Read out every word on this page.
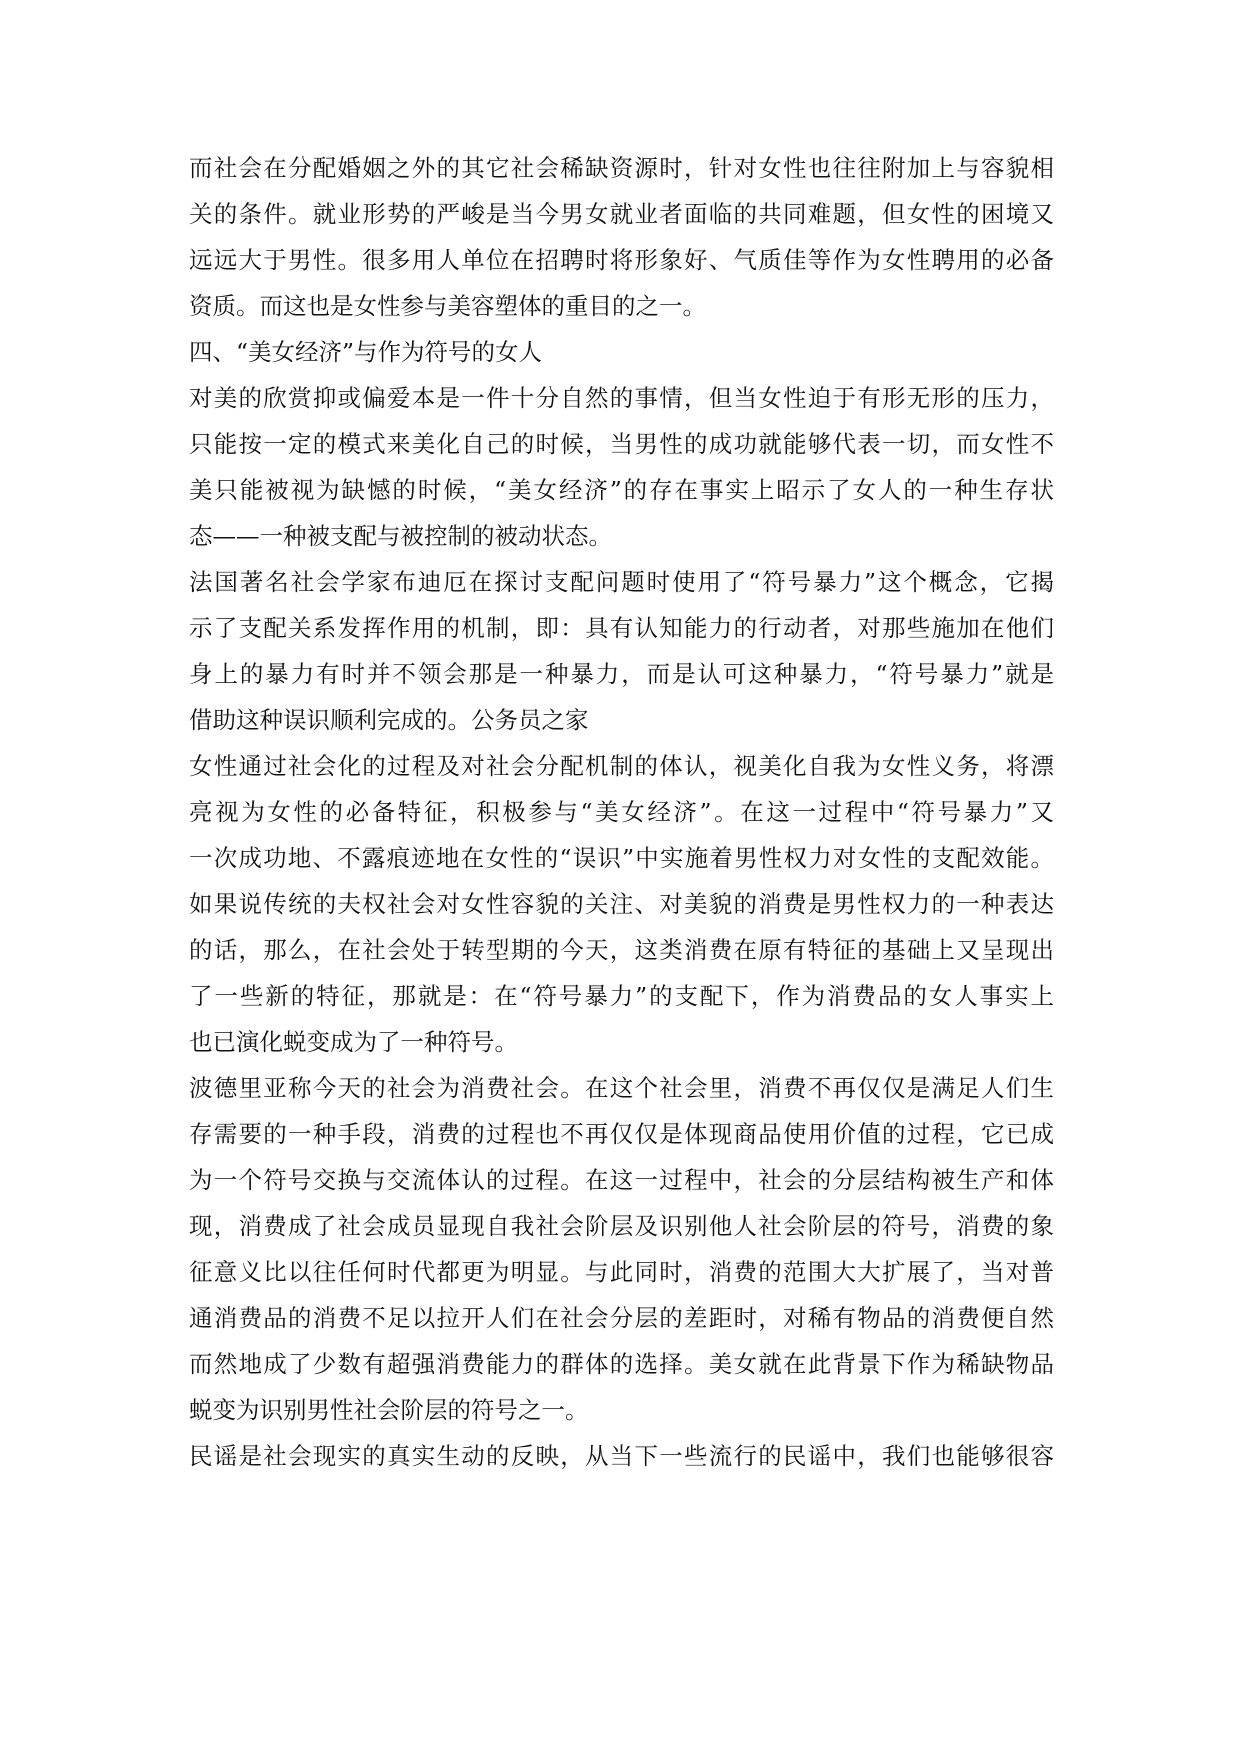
而社会在分配婚姻之外的其它社会稀缺资源时，针对女性也往往附加上与容貌相
关的条件。就业形势的严峻是当今男女就业者面临的共同难题，但女性的困境又
远远大于男性。很多用人单位在招聘时将形象好、气质佳等作为女性聘用的必备
资质。而这也是女性参与美容塑体的重目的之一。
四、“美女经济”与作为符号的女人
对美的欣赏抑或偏爱本是一件十分自然的事情，但当女性迫于有形无形的压力，
只能按一定的模式来美化自己的时候，当男性的成功就能够代表一切，而女性不
美只能被视为缺憾的时候，“美女经济”的存在事实上昭示了女人的一种生存状
态——一种被支配与被控制的被动状态。
法国著名社会学家布迪厄在探讨支配问题时使用了“符号暴力”这个概念，它揭
示了支配关系发挥作用的机制，即：具有认知能力的行动者，对那些施加在他们
身上的暴力有时并不领会那是一种暴力，而是认可这种暴力，“符号暴力”就是
借助这种误识顺利完成的。公务员之家
女性通过社会化的过程及对社会分配机制的体认，视美化自我为女性义务，将漂
亮视为女性的必备特征，积极参与“美女经济”。在这一过程中“符号暴力”又
一次成功地、不露痕迹地在女性的“误识”中实施着男性权力对女性的支配效能。
如果说传统的夫权社会对女性容貌的关注、对美貌的消费是男性权力的一种表达
的话，那么，在社会处于转型期的今天，这类消费在原有特征的基础上又呈现出
了一些新的特征，那就是：在“符号暴力”的支配下，作为消费品的女人事实上
也已演化蜕变成为了一种符号。
波德里亚称今天的社会为消费社会。在这个社会里，消费不再仅仅是满足人们生
存需要的一种手段，消费的过程也不再仅仅是体现商品使用价值的过程，它已成
为一个符号交换与交流体认的过程。在这一过程中，社会的分层结构被生产和体
现，消费成了社会成员显现自我社会阶层及识别他人社会阶层的符号，消费的象
征意义比以往任何时代都更为明显。与此同时，消费的范围大大扩展了，当对普
通消费品的消费不足以拉开人们在社会分层的差距时，对稀有物品的消费便自然
而然地成了少数有超强消费能力的群体的选择。美女就在此背景下作为稀缺物品
蜕变为识别男性社会阶层的符号之一。
民谣是社会现实的真实生动的反映，从当下一些流行的民谣中，我们也能够很容
